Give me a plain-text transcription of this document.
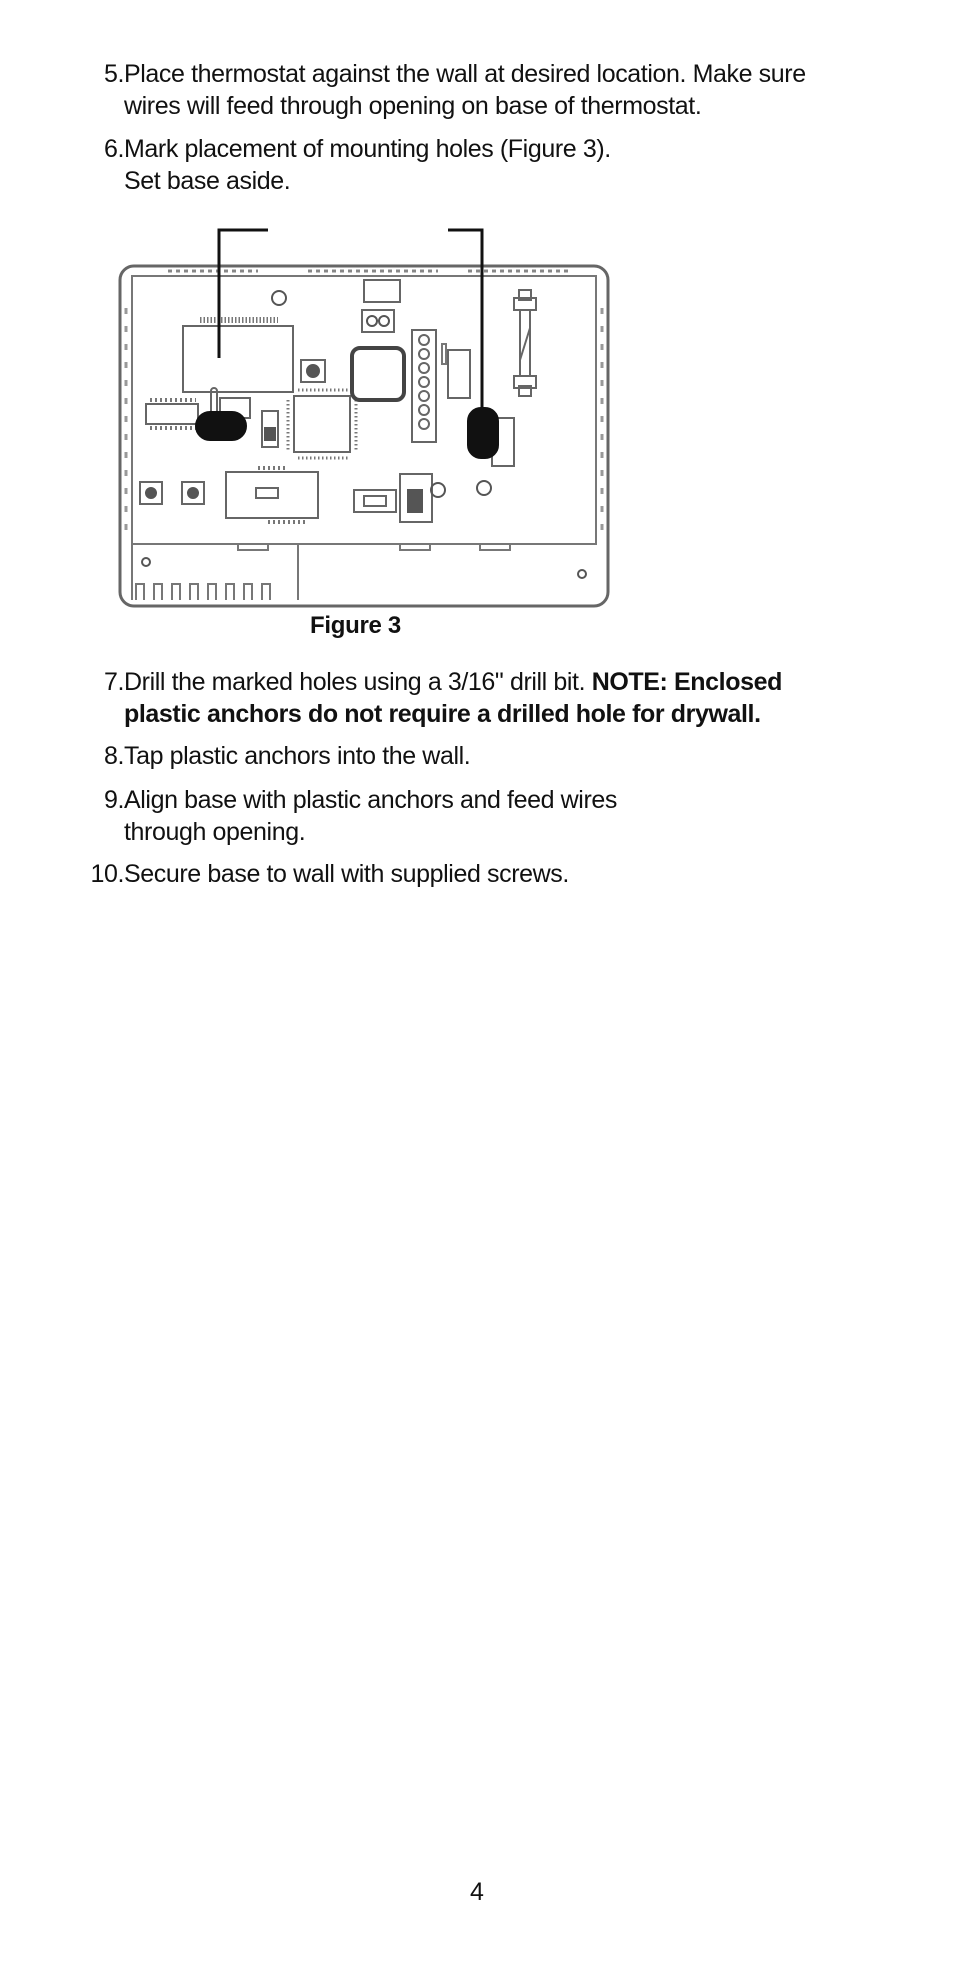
5. Place thermostat against the wall at desired location. Make sure
wires will feed through opening on base of thermostat.
6. Mark placement of mounting holes (Figure 3).
Set base aside.
Figure 3
7. Drill the marked holes using a 3/16" drill bit. NOTE: Enclosed
plastic anchors do not require a drilled hole for drywall.
8. Tap plastic anchors into the wall.
9. Align base with plastic anchors and feed wires
through opening.
10. Secure base to wall with supplied screws.
4
